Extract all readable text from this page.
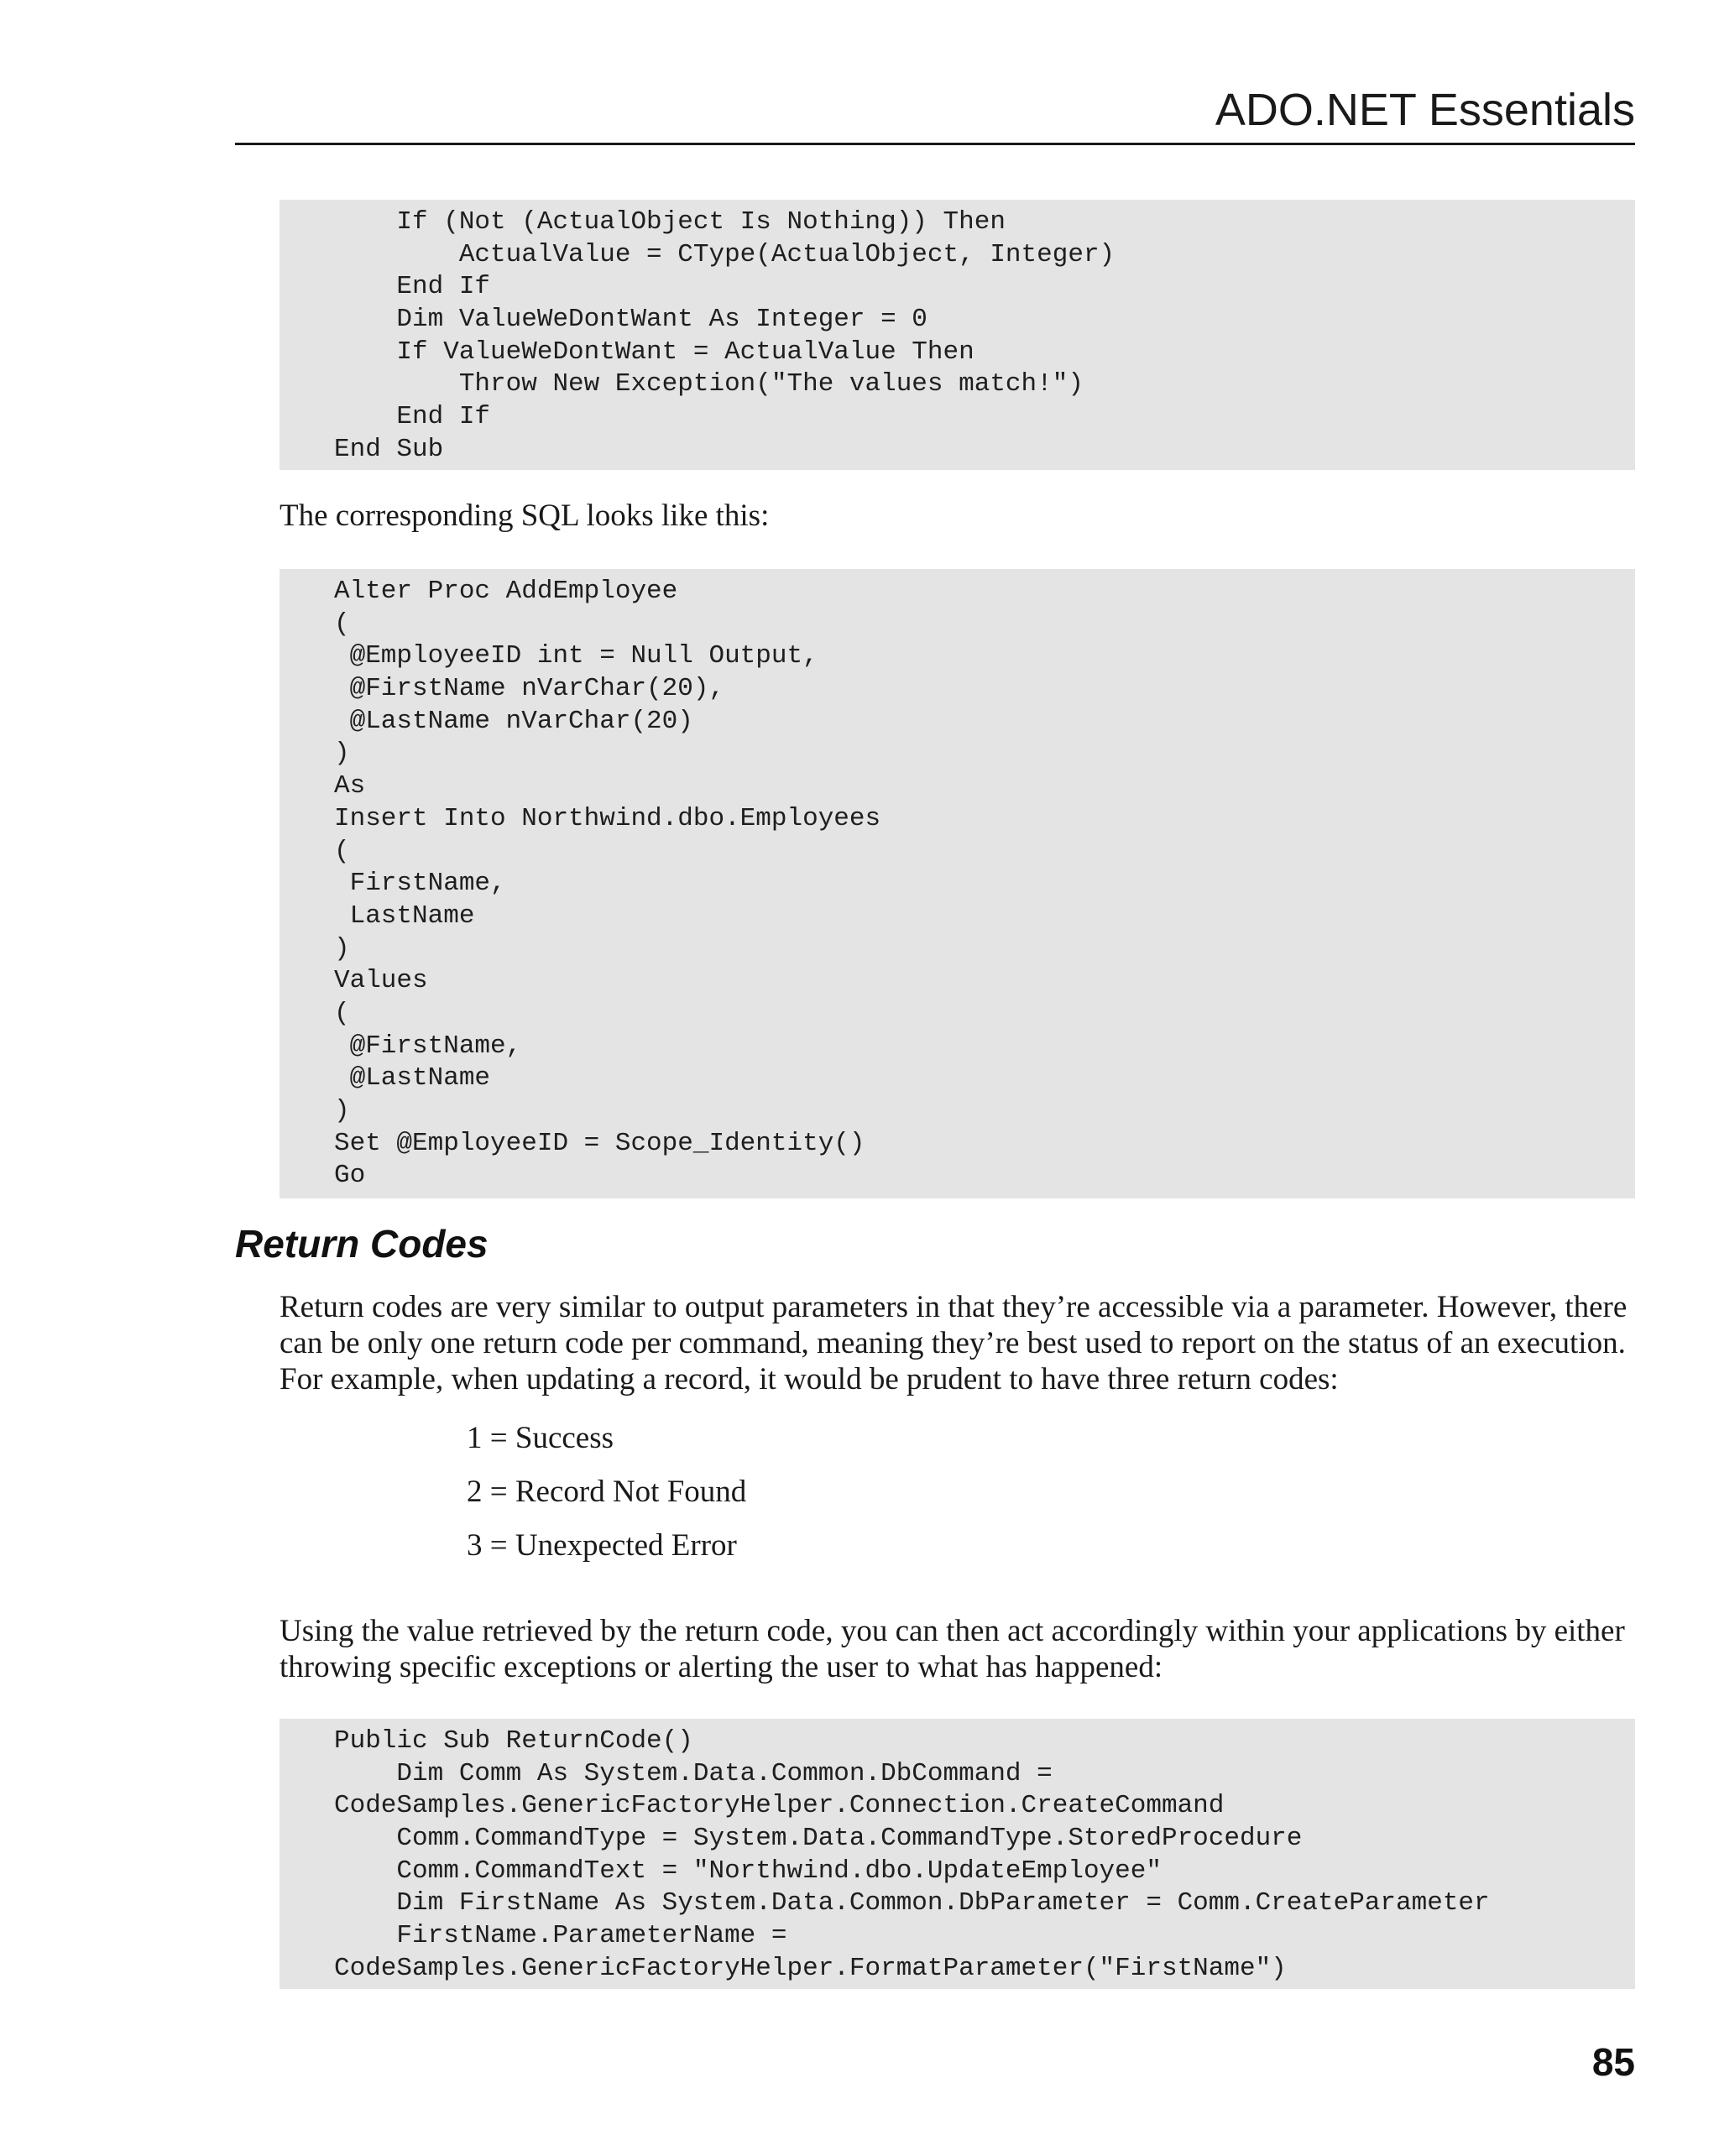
ADO.NET Essentials
If (Not (ActualObject Is Nothing)) Then
ActualValue = CType(ActualObject, Integer)
End If
Dim ValueWeDontWant As Integer = 0
If ValueWeDontWant = ActualValue Then
Throw New Exception("The values match!")
End If
End Sub

The corresponding SQL looks like this:

Alter Proc AddEmployee
(
@EmployeeID int = Null Output,
@FirstName nVarChar(20),
@LastName nVarChar(20)
)
As
Insert Into Northwind.dbo.Employees
(
FirstName,
LastName
)
Values
(
@FirstName,
@LastName
)
Set @EmployeeID = Scope_Identity()
Go
Return Codes

Return codes are very similar to output parameters in that they’re accessible via a parameter. However, there can be only one return code per command, meaning they’re best used to report on the status of an execution. For example, when updating a record, it would be prudent to have three return codes:

1 = Success
2 = Record Not Found
3 = Unexpected Error

Using the value retrieved by the return code, you can then act accordingly within your applications by either throwing specific exceptions or alerting the user to what has happened:

Public Sub ReturnCode()
Dim Comm As System.Data.Common.DbCommand =
CodeSamples.GenericFactoryHelper.Connection.CreateCommand
Comm.CommandType = System.Data.CommandType.StoredProcedure
Comm.CommandText = "Northwind.dbo.UpdateEmployee"
Dim FirstName As System.Data.Common.DbParameter = Comm.CreateParameter
FirstName.ParameterName =
CodeSamples.GenericFactoryHelper.FormatParameter("FirstName")
85
